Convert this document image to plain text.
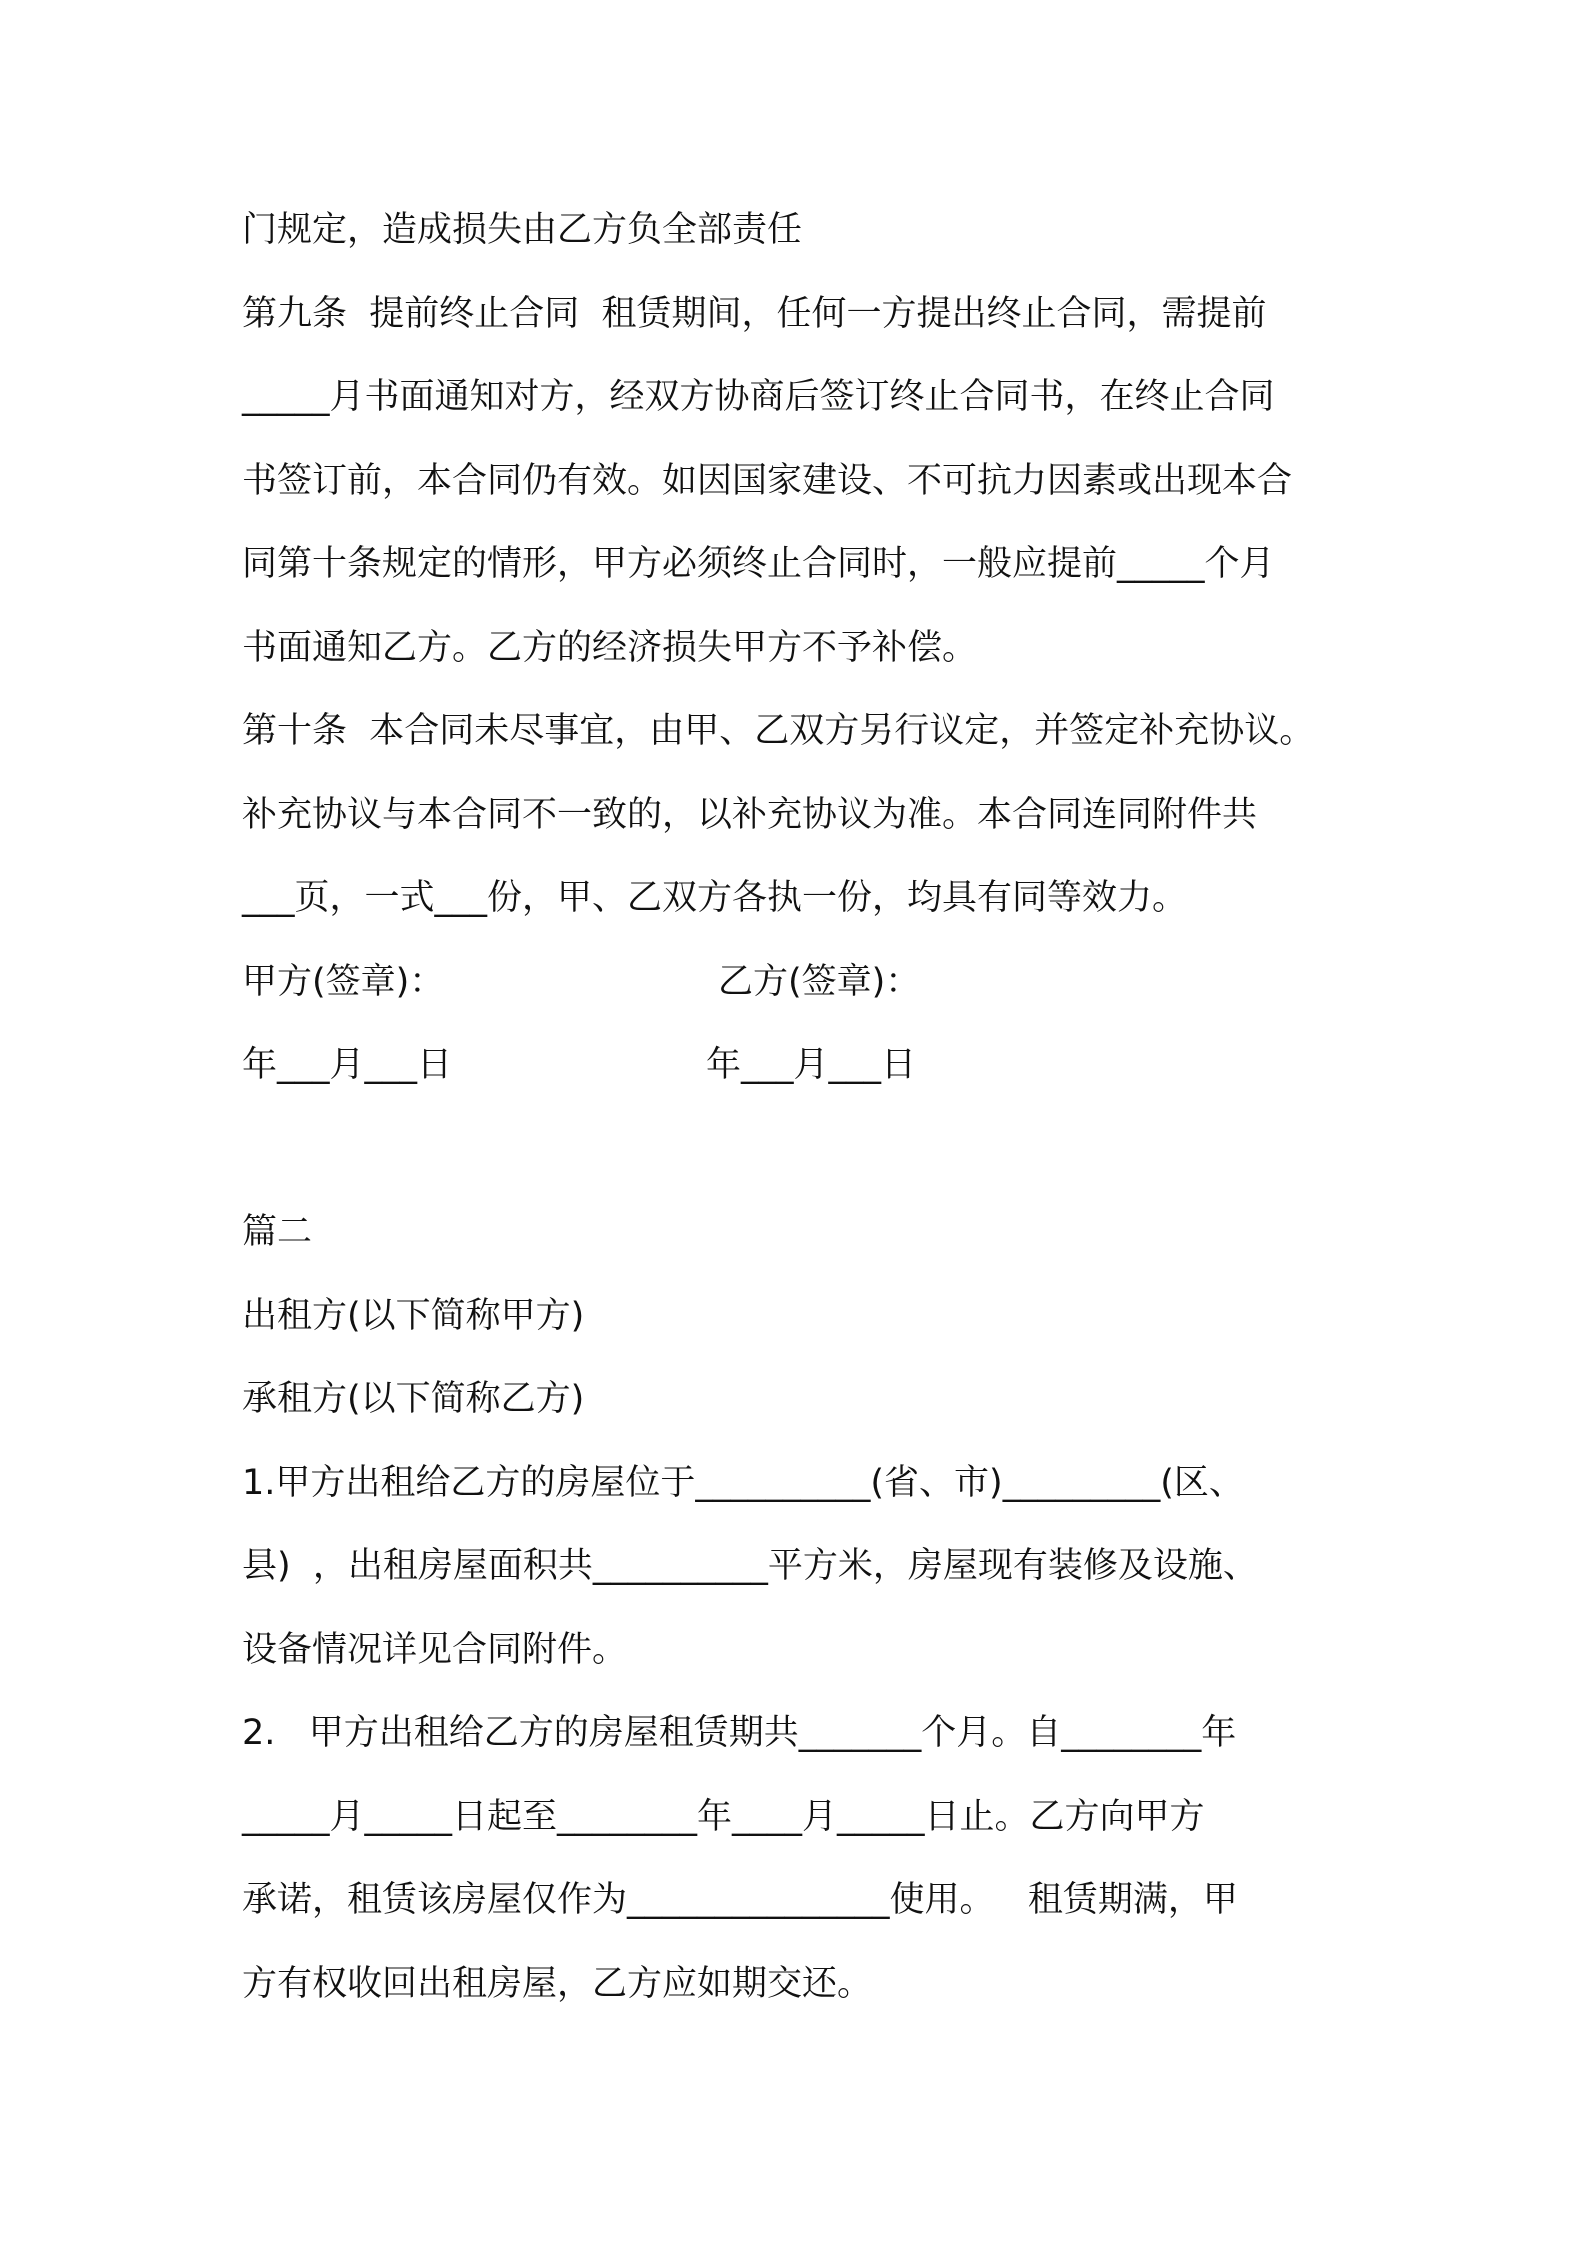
门规定，造成损失由乙方负全部责任
第九条  提前终止合同  租赁期间，任何一方提出终止合同，需提前
_____月书面通知对方，经双方协商后签订终止合同书，在终止合同
书签订前，本合同仍有效。如因国家建设、不可抗力因素或出现本合
同第十条规定的情形，甲方必须终止合同时，一般应提前_____个月
书面通知乙方。乙方的经济损失甲方不予补偿。
第十条  本合同未尽事宜，由甲、乙双方另行议定，并签定补充协议。
补充协议与本合同不一致的，以补充协议为准。本合同连同附件共
___页，一式___份，甲、乙双方各执一份，均具有同等效力。
甲方(签章)：	乙方(签章)：
年___月___日	年___月___日
篇二
出租方(以下简称甲方)
承租方(以下简称乙方)
1.甲方出租给乙方的房屋位于__________(省、市)_________(区、
县)  ，出租房屋面积共__________平方米，房屋现有装修及设施、
设备情况详见合同附件。
2.   甲方出租给乙方的房屋租赁期共_______个月。自________年
_____月_____日起至________年____月_____日止。乙方向甲方
承诺，租赁该房屋仅作为_______________使用。   租赁期满，甲
方有权收回出租房屋，乙方应如期交还。
